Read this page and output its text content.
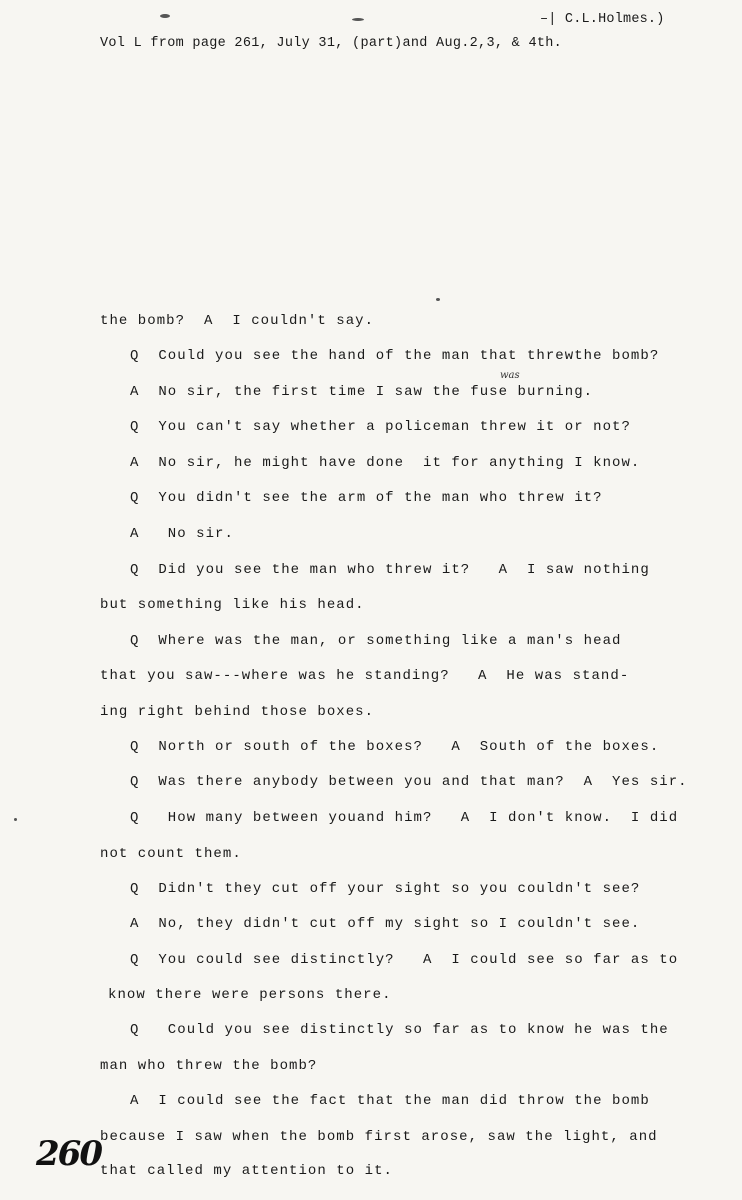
–| C.L.Holmes.)
Vol L from page 261, July 31, (part)and Aug.2,3, & 4th.
was
the bomb?  A  I couldn't say.
Q  Could you see the hand of the man that threwthe bomb?
A  No sir, the first time I saw the fuse burning.
Q  You can't say whether a policeman threw it or not?
A  No sir, he might have done  it for anything I know.
Q  You didn't see the arm of the man who threw it?
A   No sir.
Q  Did you see the man who threw it?   A  I saw nothing
but something like his head.
Q  Where was the man, or something like a man's head
that you saw---where was he standing?   A  He was stand-
ing right behind those boxes.
Q  North or south of the boxes?   A  South of the boxes.
Q  Was there anybody between you and that man?  A  Yes sir.
Q   How many between youand him?   A  I don't know.  I did
not count them.
Q  Didn't they cut off your sight so you couldn't see?
A  No, they didn't cut off my sight so I couldn't see.
Q  You could see distinctly?   A  I could see so far as to
know there were persons there.
Q   Could you see distinctly so far as to know he was the
man who threw the bomb?
A  I could see the fact that the man did throw the bomb
because I saw when the bomb first arose, saw the light, and
that called my attention to it.
260
